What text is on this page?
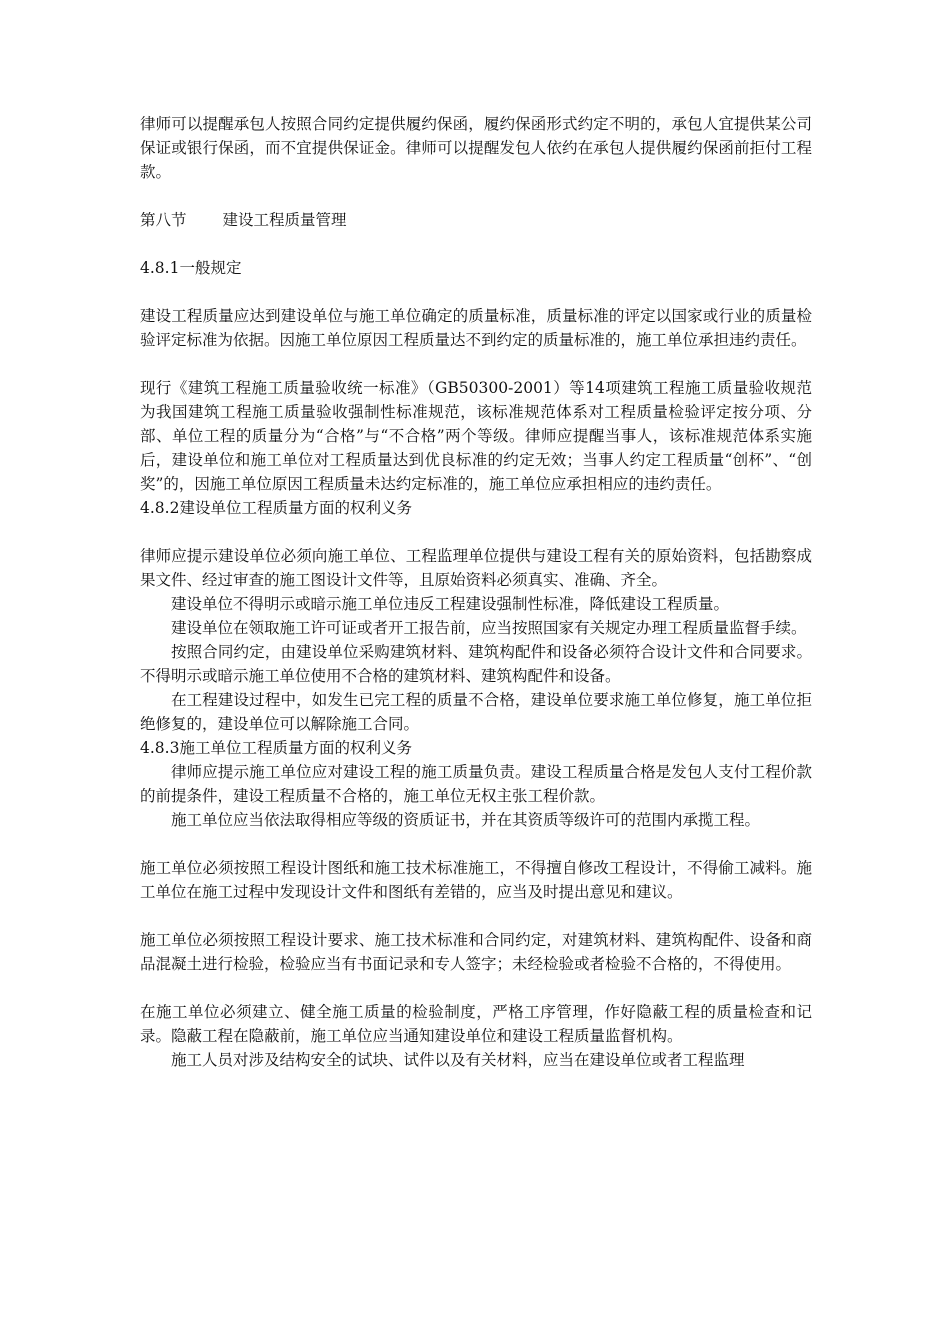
律师可以提醒承包人按照合同约定提供履约保函，履约保函形式约定不明的，承包人宜提供某公司保证或银行保函，而不宜提供保证金。律师可以提醒发包人依约在承包人提供履约保函前拒付工程款。

第八节 建设工程质量管理

4.8.1一般规定

建设工程质量应达到建设单位与施工单位确定的质量标准，质量标准的评定以国家或行业的质量检验评定标准为依据。因施工单位原因工程质量达不到约定的质量标准的，施工单位承担违约责任。

现行《建筑工程施工质量验收统一标准》（GB50300-2001）等14项建筑工程施工质量验收规范为我国建筑工程施工质量验收强制性标准规范，该标准规范体系对工程质量检验评定按分项、分部、单位工程的质量分为“合格”与“不合格”两个等级。律师应提醒当事人，该标准规范体系实施后，建设单位和施工单位对工程质量达到优良标准的约定无效；当事人约定工程质量“创杯”、“创奖”的，因施工单位原因工程质量未达约定标准的，施工单位应承担相应的违约责任。

4.8.2建设单位工程质量方面的权利义务

律师应提示建设单位必须向施工单位、工程监理单位提供与建设工程有关的原始资料，包括勘察成果文件、经过审查的施工图设计文件等，且原始资料必须真实、准确、齐全。

建设单位不得明示或暗示施工单位违反工程建设强制性标准，降低建设工程质量。

建设单位在领取施工许可证或者开工报告前，应当按照国家有关规定办理工程质量监督手续。

按照合同约定，由建设单位采购建筑材料、建筑构配件和设备必须符合设计文件和合同要求。不得明示或暗示施工单位使用不合格的建筑材料、建筑构配件和设备。

在工程建设过程中，如发生已完工程的质量不合格，建设单位要求施工单位修复，施工单位拒绝修复的，建设单位可以解除施工合同。

4.8.3施工单位工程质量方面的权利义务

律师应提示施工单位应对建设工程的施工质量负责。建设工程质量合格是发包人支付工程价款的前提条件，建设工程质量不合格的，施工单位无权主张工程价款。

施工单位应当依法取得相应等级的资质证书，并在其资质等级许可的范围内承揽工程。

施工单位必须按照工程设计图纸和施工技术标准施工，不得擅自修改工程设计，不得偷工减料。施工单位在施工过程中发现设计文件和图纸有差错的，应当及时提出意见和建议。

施工单位必须按照工程设计要求、施工技术标准和合同约定，对建筑材料、建筑构配件、设备和商品混凝土进行检验，检验应当有书面记录和专人签字；未经检验或者检验不合格的，不得使用。

在施工单位必须建立、健全施工质量的检验制度，严格工序管理，作好隐蔽工程的质量检查和记录。隐蔽工程在隐蔽前，施工单位应当通知建设单位和建设工程质量监督机构。

施工人员对涉及结构安全的试块、试件以及有关材料，应当在建设单位或者工程监理
